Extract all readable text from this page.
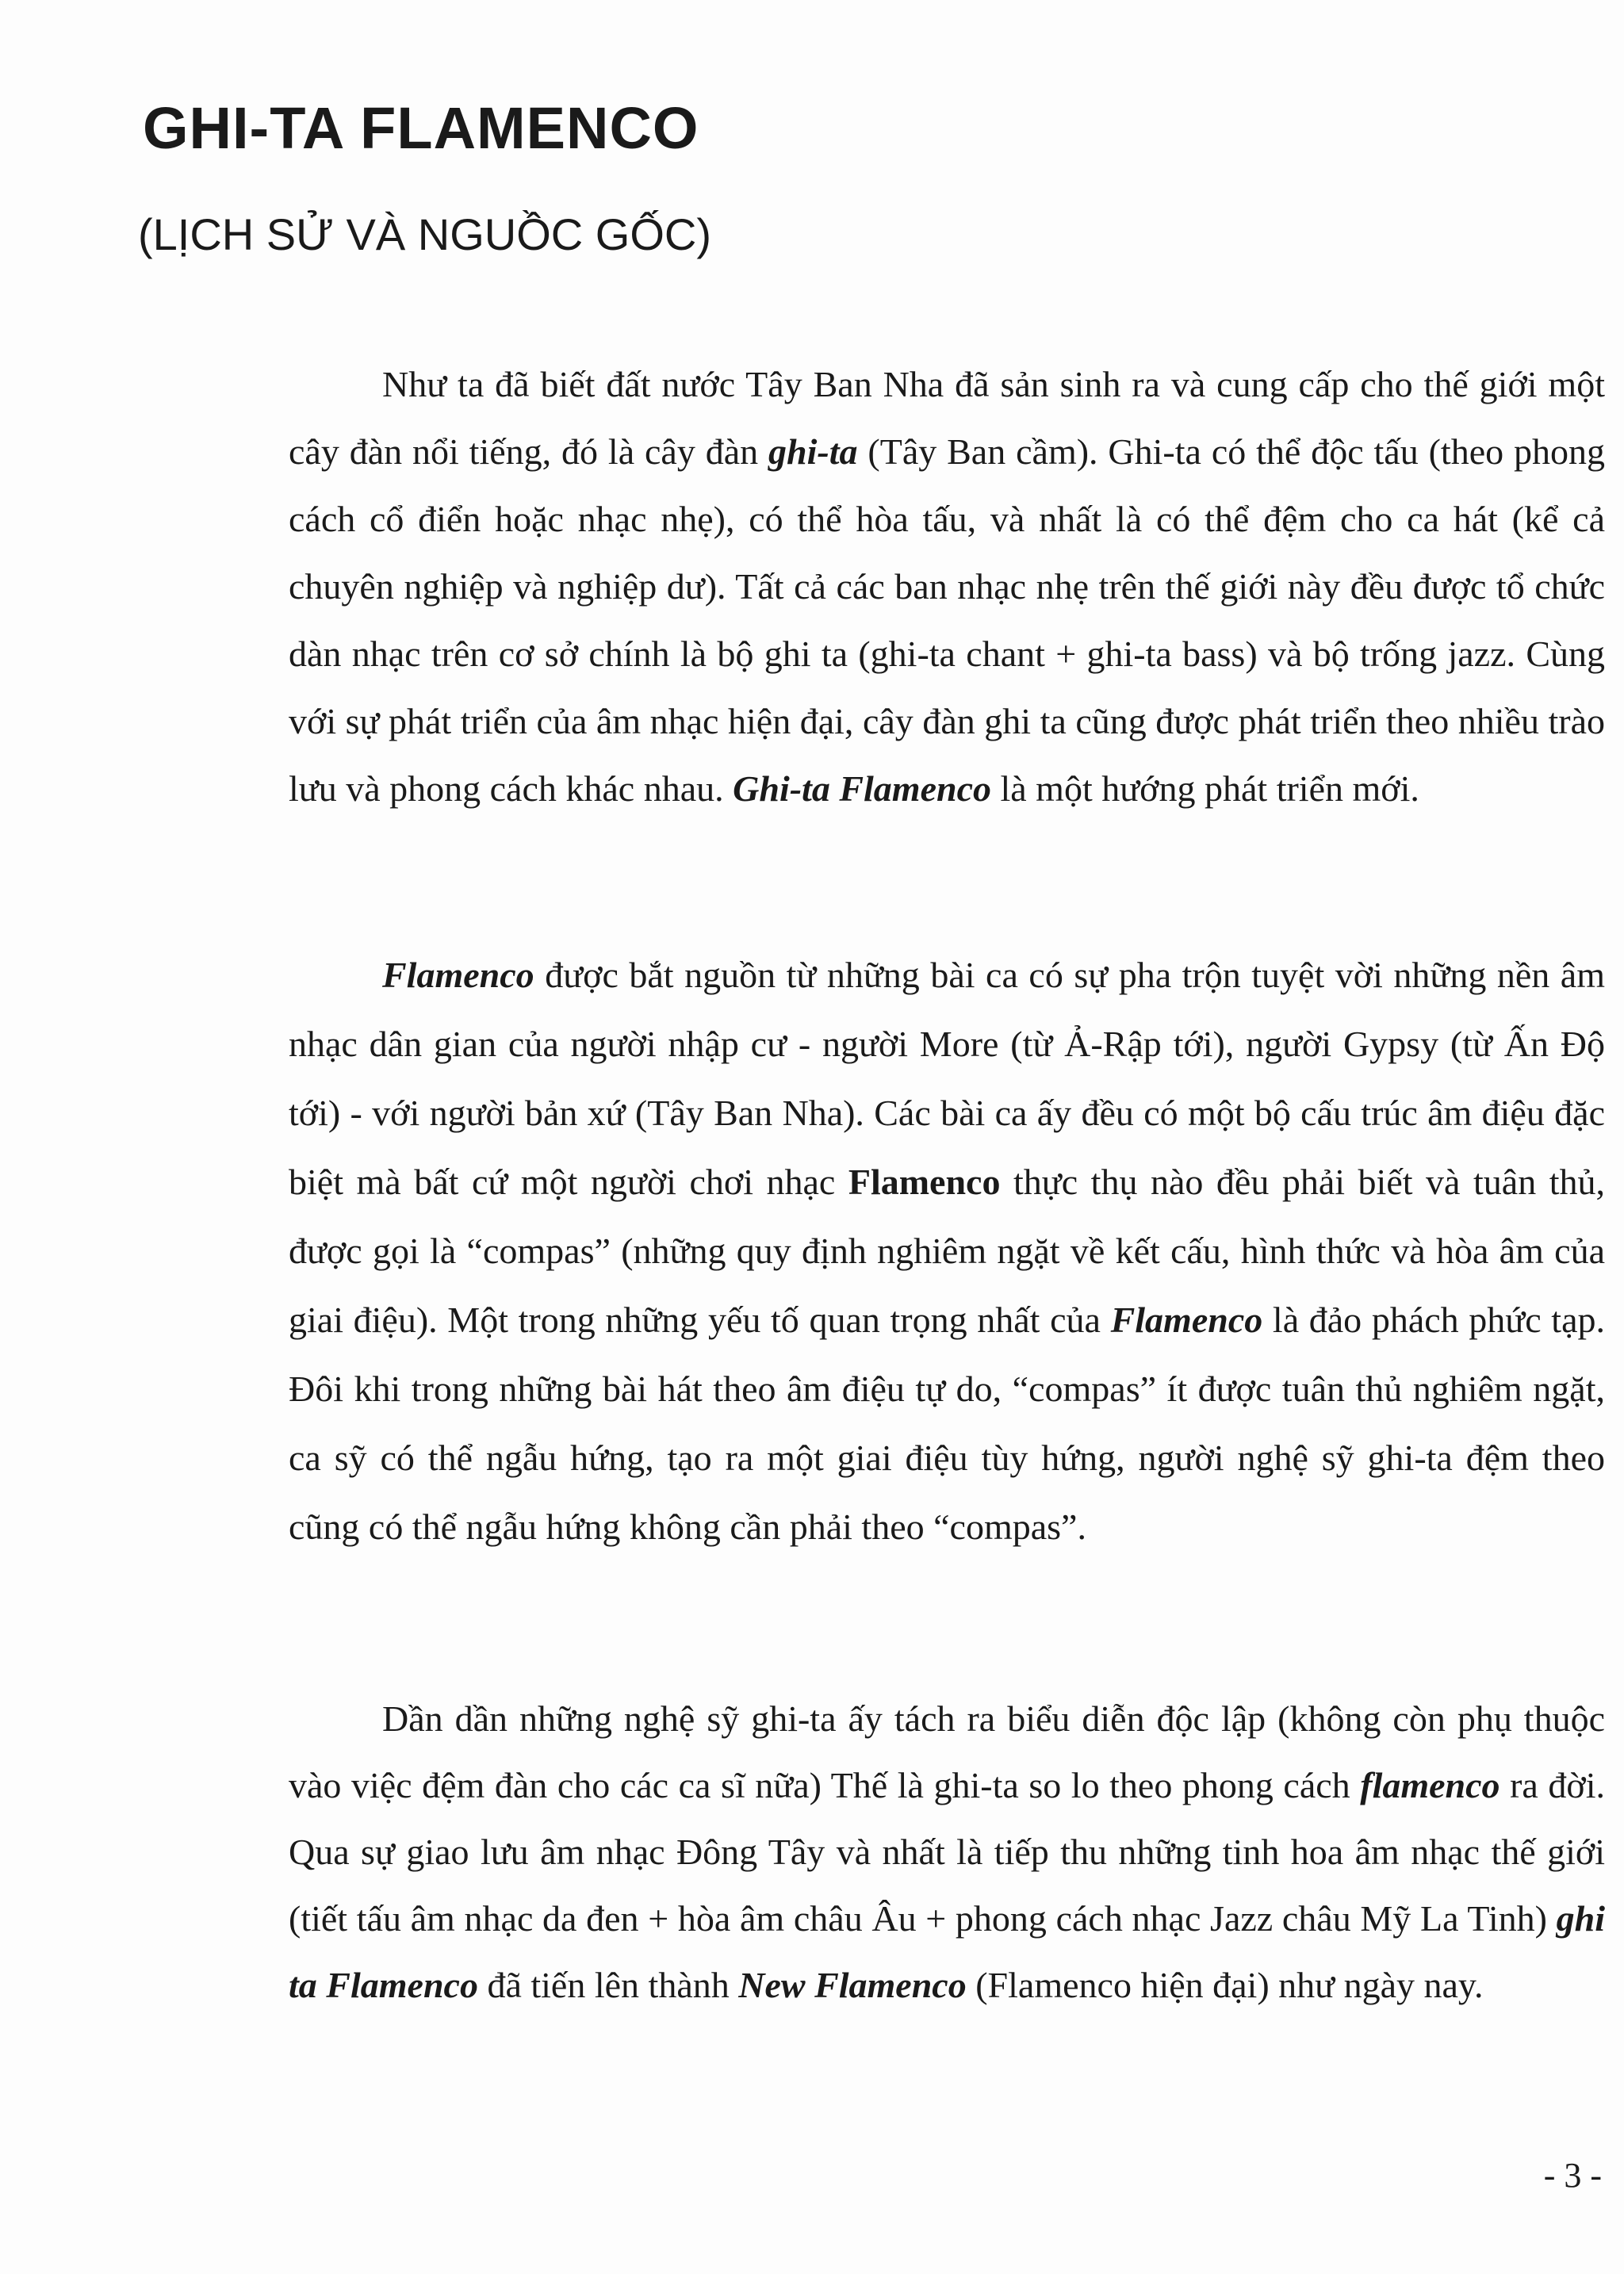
GHI-TA FLAMENCO
(LỊCH SỬ VÀ NGUỒC GỐC)

Như ta đã biết đất nước Tây Ban Nha đã sản sinh ra và cung cấp cho thế giới một cây đàn nổi tiếng, đó là cây đàn ghi-ta (Tây Ban cầm). Ghi-ta có thể độc tấu (theo phong cách cổ điển hoặc nhạc nhẹ), có thể hòa tấu, và nhất là có thể đệm cho ca hát (kể cả chuyên nghiệp và nghiệp dư). Tất cả các ban nhạc nhẹ trên thế giới này đều được tổ chức dàn nhạc trên cơ sở chính là bộ ghi ta (ghi-ta chant + ghi-ta bass) và bộ trống jazz. Cùng với sự phát triển của âm nhạc hiện đại, cây đàn ghi ta cũng được phát triển theo nhiều trào lưu và phong cách khác nhau. Ghi-ta Flamenco là một hướng phát triển mới.

Flamenco được bắt nguồn từ những bài ca có sự pha trộn tuyệt vời những nền âm nhạc dân gian của người nhập cư - người More (từ Ả-Rập tới), người Gypsy (từ Ấn Độ tới) - với người bản xứ (Tây Ban Nha). Các bài ca ấy đều có một bộ cấu trúc âm điệu đặc biệt mà bất cứ một người chơi nhạc Flamenco thực thụ nào đều phải biết và tuân thủ, được gọi là “compas” (những quy định nghiêm ngặt về kết cấu, hình thức và hòa âm của giai điệu). Một trong những yếu tố quan trọng nhất của Flamenco là đảo phách phức tạp. Đôi khi trong những bài hát theo âm điệu tự do, “compas” ít được tuân thủ nghiêm ngặt, ca sỹ có thể ngẫu hứng, tạo ra một giai điệu tùy hứng, người nghệ sỹ ghi-ta đệm theo cũng có thể ngẫu hứng không cần phải theo “compas”.

Dần dần những nghệ sỹ ghi-ta ấy tách ra biểu diễn độc lập (không còn phụ thuộc vào việc đệm đàn cho các ca sĩ nữa) Thế là ghi-ta so lo theo phong cách flamenco ra đời. Qua sự giao lưu âm nhạc Đông Tây và nhất là tiếp thu những tinh hoa âm nhạc thế giới (tiết tấu âm nhạc da đen + hòa âm châu Âu + phong cách nhạc Jazz châu Mỹ La Tinh) ghi ta Flamenco đã tiến lên thành New Flamenco (Flamenco hiện đại) như ngày nay.

- 3 -
